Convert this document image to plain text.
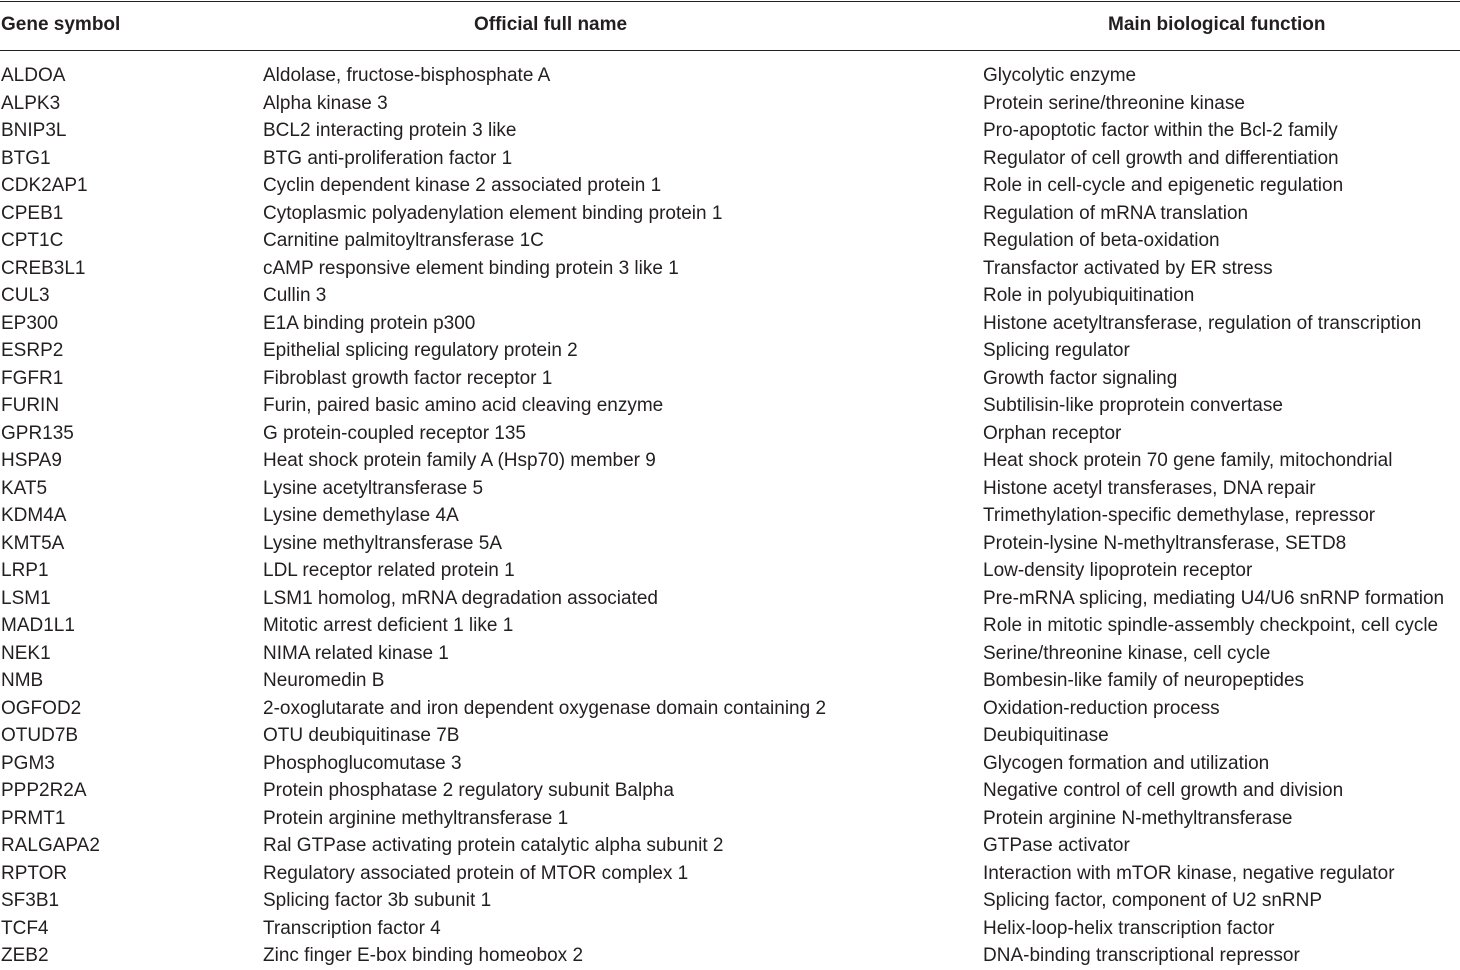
Gene symbol	Official full name	Main biological function
ALDOA	Aldolase, fructose-bisphosphate A	Glycolytic enzyme
ALPK3	Alpha kinase 3	Protein serine/threonine kinase
BNIP3L	BCL2 interacting protein 3 like	Pro-apoptotic factor within the Bcl-2 family
BTG1	BTG anti-proliferation factor 1	Regulator of cell growth and differentiation
CDK2AP1	Cyclin dependent kinase 2 associated protein 1	Role in cell-cycle and epigenetic regulation
CPEB1	Cytoplasmic polyadenylation element binding protein 1	Regulation of mRNA translation
CPT1C	Carnitine palmitoyltransferase 1C	Regulation of beta-oxidation
CREB3L1	cAMP responsive element binding protein 3 like 1	Transfactor activated by ER stress
CUL3	Cullin 3	Role in polyubiquitination
EP300	E1A binding protein p300	Histone acetyltransferase, regulation of transcription
ESRP2	Epithelial splicing regulatory protein 2	Splicing regulator
FGFR1	Fibroblast growth factor receptor 1	Growth factor signaling
FURIN	Furin, paired basic amino acid cleaving enzyme	Subtilisin-like proprotein convertase
GPR135	G protein-coupled receptor 135	Orphan receptor
HSPA9	Heat shock protein family A (Hsp70) member 9	Heat shock protein 70 gene family, mitochondrial
KAT5	Lysine acetyltransferase 5	Histone acetyl transferases, DNA repair
KDM4A	Lysine demethylase 4A	Trimethylation-specific demethylase, repressor
KMT5A	Lysine methyltransferase 5A	Protein-lysine N-methyltransferase, SETD8
LRP1	LDL receptor related protein 1	Low-density lipoprotein receptor
LSM1	LSM1 homolog, mRNA degradation associated	Pre-mRNA splicing, mediating U4/U6 snRNP formation
MAD1L1	Mitotic arrest deficient 1 like 1	Role in mitotic spindle-assembly checkpoint, cell cycle
NEK1	NIMA related kinase 1	Serine/threonine kinase, cell cycle
NMB	Neuromedin B	Bombesin-like family of neuropeptides
OGFOD2	2-oxoglutarate and iron dependent oxygenase domain containing 2	Oxidation-reduction process
OTUD7B	OTU deubiquitinase 7B	Deubiquitinase
PGM3	Phosphoglucomutase 3	Glycogen formation and utilization
PPP2R2A	Protein phosphatase 2 regulatory subunit Balpha	Negative control of cell growth and division
PRMT1	Protein arginine methyltransferase 1	Protein arginine N-methyltransferase
RALGAPA2	Ral GTPase activating protein catalytic alpha subunit 2	GTPase activator
RPTOR	Regulatory associated protein of MTOR complex 1	Interaction with mTOR kinase, negative regulator
SF3B1	Splicing factor 3b subunit 1	Splicing factor, component of U2 snRNP
TCF4	Transcription factor 4	Helix-loop-helix transcription factor
ZEB2	Zinc finger E-box binding homeobox 2	DNA-binding transcriptional repressor
